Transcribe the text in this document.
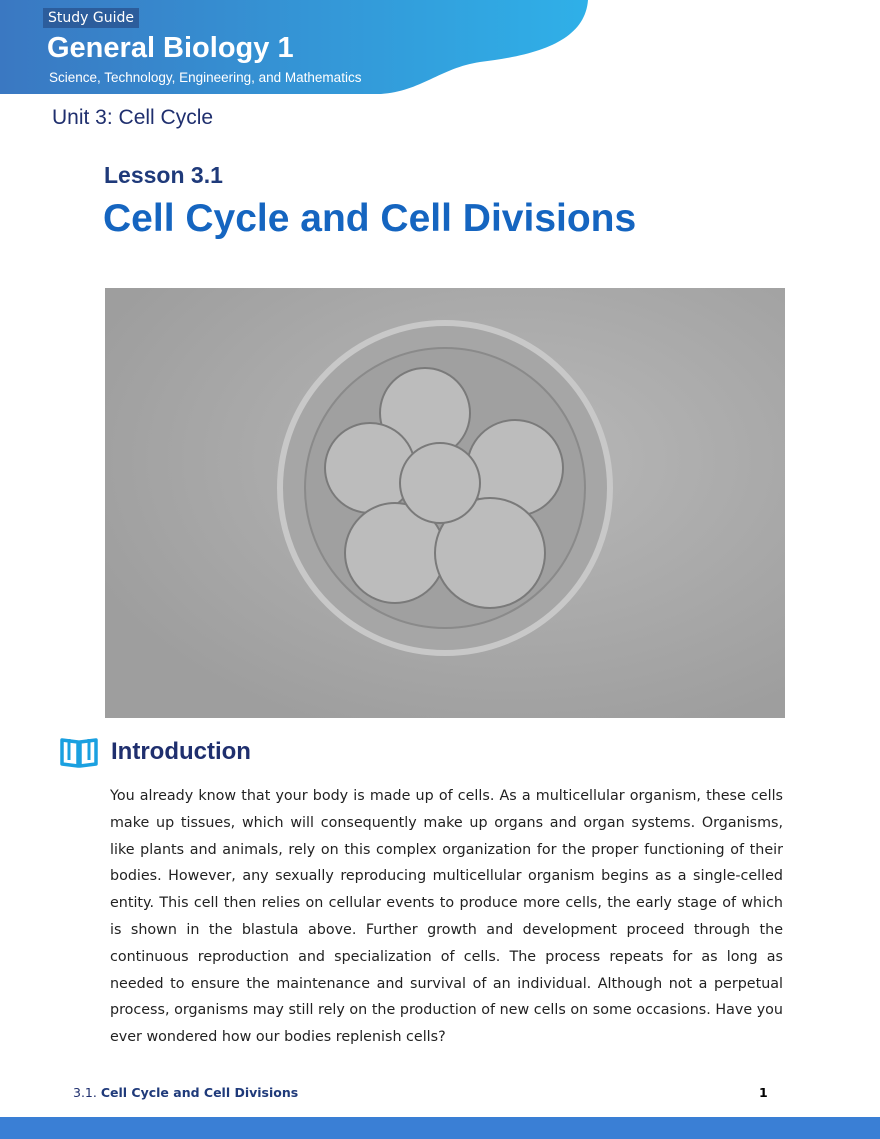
Study Guide
General Biology 1
Science, Technology, Engineering, and Mathematics
Unit 3: Cell Cycle
Lesson 3.1
Cell Cycle and Cell Divisions
Introduction
You already know that your body is made up of cells. As a multicellular organism, these cells make up tissues, which will consequently make up organs and organ systems. Organisms, like plants and animals, rely on this complex organization for the proper functioning of their bodies. However, any sexually reproducing multicellular organism begins as a single-celled entity. This cell then relies on cellular events to produce more cells, the early stage of which is shown in the blastula above. Further growth and development proceed through the continuous reproduction and specialization of cells. The process repeats for as long as needed to ensure the maintenance and survival of an individual. Although not a perpetual process, organisms may still rely on the production of new cells on some occasions. Have you ever wondered how our bodies replenish cells?
3.1. Cell Cycle and Cell Divisions	1
